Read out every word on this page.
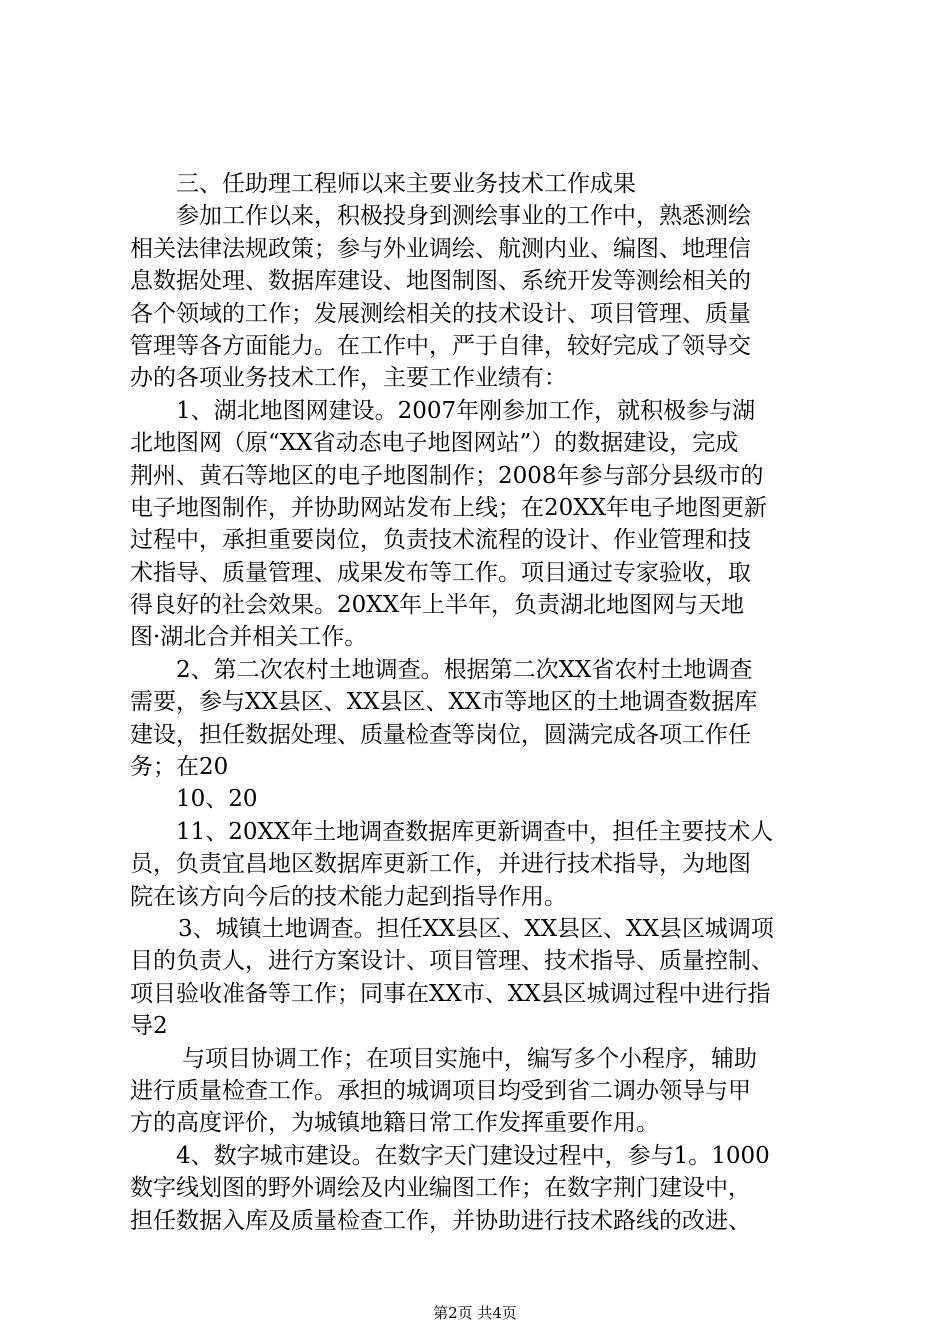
三、任助理工程师以来主要业务技术工作成果
参加工作以来，积极投身到测绘事业的工作中，熟悉测绘
相关法律法规政策；参与外业调绘、航测内业、编图、地理信
息数据处理、数据库建设、地图制图、系统开发等测绘相关的
各个领域的工作；发展测绘相关的技术设计、项目管理、质量
管理等各方面能力。在工作中，严于自律，较好完成了领导交
办的各项业务技术工作，主要工作业绩有：
1、湖北地图网建设。2007年刚参加工作，就积极参与湖
北地图网（原“XX省动态电子地图网站”）的数据建设，完成
荆州、黄石等地区的电子地图制作；2008年参与部分县级市的
电子地图制作，并协助网站发布上线；在20XX年电子地图更新
过程中，承担重要岗位，负责技术流程的设计、作业管理和技
术指导、质量管理、成果发布等工作。项目通过专家验收，取
得良好的社会效果。20XX年上半年，负责湖北地图网与天地
图·湖北合并相关工作。
2、第二次农村土地调查。根据第二次XX省农村土地调查
需要，参与XX县区、XX县区、XX市等地区的土地调查数据库
建设，担任数据处理、质量检查等岗位，圆满完成各项工作任
务；在20
10、20
11、20XX年土地调查数据库更新调查中，担任主要技术人
员，负责宜昌地区数据库更新工作，并进行技术指导，为地图
院在该方向今后的技术能力起到指导作用。
3、城镇土地调查。担任XX县区、XX县区、XX县区城调项
目的负责人，进行方案设计、项目管理、技术指导、质量控制、
项目验收准备等工作；同事在XX市、XX县区城调过程中进行指
导2
与项目协调工作；在项目实施中，编写多个小程序，辅助
进行质量检查工作。承担的城调项目均受到省二调办领导与甲
方的高度评价，为城镇地籍日常工作发挥重要作用。
4、数字城市建设。在数字天门建设过程中，参与1。1000
数字线划图的野外调绘及内业编图工作；在数字荆门建设中，
担任数据入库及质量检查工作，并协助进行技术路线的改进、
第2页 共4页
